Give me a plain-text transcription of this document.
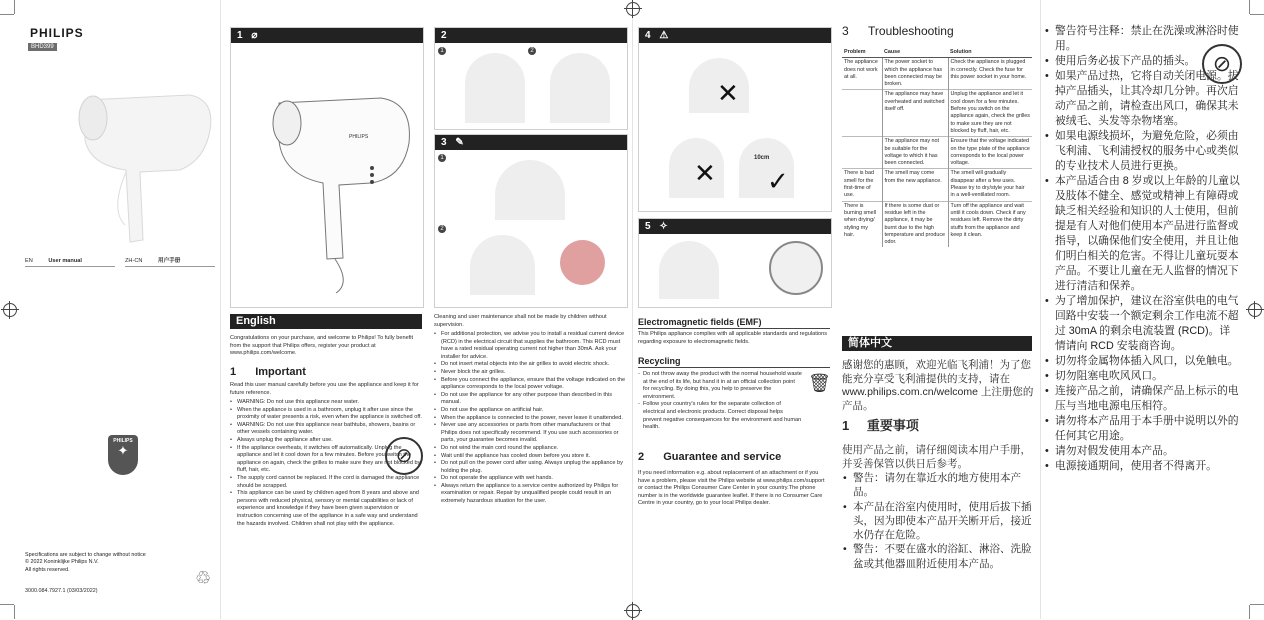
PHILIPS
BHD399
EN	User manual	ZH-CN	用户手册
PHILIPS
✦
Specifications are subject to change without notice
© 2022 Koninklijke Philips N.V.
All rights reserved.	♲
3000.084.7927.1 (03/03/2022)
1 ⌀
PHILIPS
2
1	2
3 ✎
1
2
4 ⚠
✕
✕	10cm
✓
5 ✧
English
Congratulations on your purchase, and welcome to Philips! To fully benefit from the support that Philips offers, register your product at www.philips.com/welcome.
1 Important
Read this user manual carefully before you use the appliance and keep it for future reference.
• WARNING: Do not use this appliance near water.
• When the appliance is used in a bathroom, unplug it after use since the proximity of water presents a risk, even when the appliance is switched off.
• WARNING: Do not use this appliance near bathtubs, showers, basins or other vessels containing water.
• Always unplug the appliance after use.
• If the appliance overheats, it switches off automatically. Unplug the appliance and let it cool down for a few minutes. Before you switch the appliance on again, check the grilles to make sure they are not blocked by fluff, hair, etc.
• The supply cord cannot be replaced. If the cord is damaged the appliance should be scrapped.
• This appliance can be used by children aged from 8 years and above and persons with reduced physical, sensory or mental capabilities or lack of experience and knowledge if they have been given supervision or instruction concerning use of the appliance in a safe way and understand the hazards involved. Children shall not play with the appliance.
⊘
Cleaning and user maintenance shall not be made by children without supervision.
• For additional protection, we advise you to install a residual current device (RCD) in the electrical circuit that supplies the bathroom. This RCD must have a rated residual operating current not higher than 30mA. Ask your installer for advice.
• Do not insert metal objects into the air grilles to avoid electric shock.
• Never block the air grilles.
• Before you connect the appliance, ensure that the voltage indicated on the appliance corresponds to the local power voltage.
• Do not use the appliance for any other purpose than described in this manual.
• Do not use the appliance on artificial hair.
• When the appliance is connected to the power, never leave it unattended.
• Never use any accessories or parts from other manufacturers or that Philips does not specifically recommend. If you use such accessories or parts, your guarantee becomes invalid.
• Do not wind the main cord round the appliance.
• Wait until the appliance has cooled down before you store it.
• Do not pull on the power cord after using. Always unplug the appliance by holding the plug.
• Do not operate the appliance with wet hands.
• Always return the appliance to a service centre authorized by Philips for examination or repair. Repair by unqualified people could result in an extremely hazardous situation for the user.
Electromagnetic fields (EMF)
This Philips appliance complies with all applicable standards and regulations regarding exposure to electromagnetic fields.
Recycling
- Do not throw away the product with the normal household waste at the end of its life, but hand it in at an official collection point for recycling. By doing this, you help to preserve the environment.
- Follow your country's rules for the separate collection of electrical and electronic products. Correct disposal helps prevent negative consequences for the environment and human health.
🗑
2 Guarantee and service
If you need information e.g. about replacement of an attachment or if you have a problem, please visit the Philips website at www.philips.com/support or contact the Philips Consumer Care Center in your country.The phone number is in the worldwide guarantee leaflet. If there is no Consumer Care Centre in your country, go to your local Philips dealer.
3 Troubleshooting
Problem	Cause	Solution
The appliance does not work at all.	The power socket to which the appliance has been connected may be broken.	Check the appliance is plugged in correctly. Check the fuse for this power socket in your home.
	The appliance may have overheated and switched itself off.	Unplug the appliance and let it cool down for a few minutes. Before you switch on the appliance again, check the grilles to make sure they are not blocked by fluff, hair, etc.
	The appliance may not be suitable for the voltage to which it has been connected.	Ensure that the voltage indicated on the type plate of the appliance corresponds to the local power voltage.
There is bad smell for the first-time of use.	The smell may come from the new appliance.	The smell will gradually disappear after a few uses. Please try to dry/style your hair in a well-ventilated room.
There is burning smell when drying/ styling my hair.	If there is some dust or residue left in the appliance, it may be burnt due to the high temperature and produce odor.	Turn off the appliance and wait until it cools down. Check if any residues left. Remove the dirty stuffs from the appliance and keep it clean.
简体中文
感谢您的惠顾，欢迎光临飞利浦！为了您能充分享受飞利浦提供的支持，请在 www.philips.com.cn/welcome 上注册您的产品。
1 重要事项
使用产品之前，请仔细阅读本用户手册，并妥善保管以供日后参考。
• 警告：请勿在靠近水的地方使用本产品。
• 本产品在浴室内使用时，使用后拔下插头，因为即使本产品开关断开后，接近水仍存在危险。
• 警告：不要在盛水的浴缸、淋浴、洗脸盆或其他器皿附近使用本产品。
• 警告符号注释：禁止在洗澡或淋浴时使用。
• 使用后务必拔下产品的插头。
• 如果产品过热，它将自动关闭电源。拔掉产品插头，让其冷却几分钟。再次启动产品之前，请检查出风口，确保其未被绒毛、头发等杂物堵塞。
• 如果电源线损坏，为避免危险，必须由飞利浦、飞利浦授权的服务中心或类似的专业技术人员进行更换。
• 本产品适合由 8 岁或以上年龄的儿童以及肢体不健全、感觉或精神上有障碍或缺乏相关经验和知识的人士使用，但前提是有人对他们使用本产品进行监督或指导，以确保他们安全使用，并且让他们明白相关的危害。不得让儿童玩耍本产品。不要让儿童在无人监督的情况下进行清洁和保养。
• 为了增加保护，建议在浴室供电的电气回路中安装一个额定剩余工作电流不超过 30mA 的剩余电流装置 (RCD)。详情请向 RCD 安装商咨询。
• 切勿将金属物体插入风口，以免触电。
• 切勿阻塞电吹风风口。
• 连接产品之前，请确保产品上标示的电压与当地电源电压相符。
• 请勿将本产品用于本手册中说明以外的任何其它用途。
• 请勿对假发使用本产品。
• 电源接通期间，使用者不得离开。
⊘
